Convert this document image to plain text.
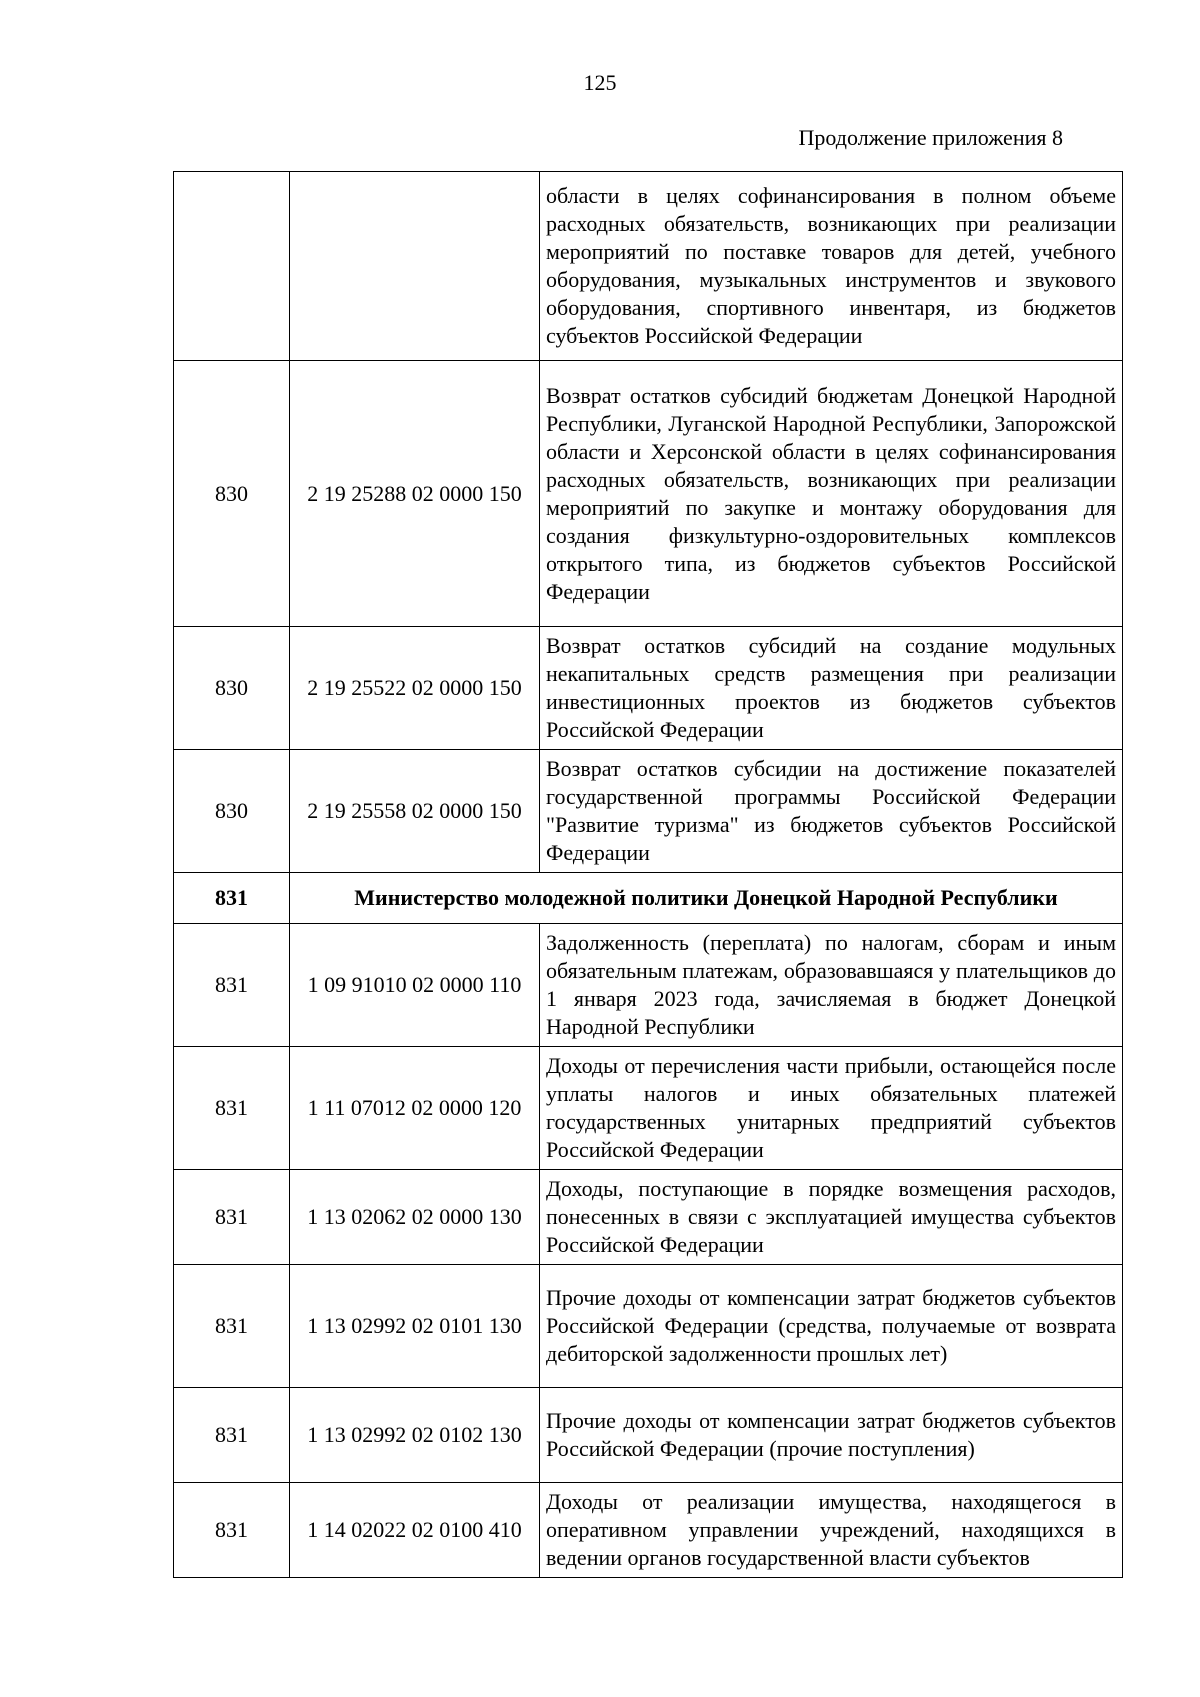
125
Продолжение приложения 8
		области в целях софинансирования в полном объеме расходных обязательств, возникающих при реализации мероприятий по поставке товаров для детей, учебного оборудования, музыкальных инструментов и звукового оборудования, спортивного инвентаря, из бюджетов субъектов Российской Федерации
830	2 19 25288 02 0000 150	Возврат остатков субсидий бюджетам Донецкой Народной Республики, Луганской Народной Республики, Запорожской области и Херсонской области в целях софинансирования расходных обязательств, возникающих при реализации мероприятий по закупке и монтажу оборудования для создания физкультурно-оздоровительных комплексов открытого типа, из бюджетов субъектов Российской Федерации
830	2 19 25522 02 0000 150	Возврат остатков субсидий на создание модульных некапитальных средств размещения при реализации инвестиционных проектов из бюджетов субъектов Российской Федерации
830	2 19 25558 02 0000 150	Возврат остатков субсидии на достижение показателей государственной программы Российской Федерации "Развитие туризма" из бюджетов субъектов Российской Федерации
831	Министерство молодежной политики Донецкой Народной Республики	
831	1 09 91010 02 0000 110	Задолженность (переплата) по налогам, сборам и иным обязательным платежам, образовавшаяся у плательщиков до 1 января 2023 года, зачисляемая в бюджет Донецкой Народной Республики
831	1 11 07012 02 0000 120	Доходы от перечисления части прибыли, остающейся после уплаты налогов и иных обязательных платежей государственных унитарных предприятий субъектов Российской Федерации
831	1 13 02062 02 0000 130	Доходы, поступающие в порядке возмещения расходов, понесенных в связи с эксплуатацией имущества субъектов Российской Федерации
831	1 13 02992 02 0101 130	Прочие доходы от компенсации затрат бюджетов субъектов Российской Федерации (средства, получаемые от возврата дебиторской задолженности прошлых лет)
831	1 13 02992 02 0102 130	Прочие доходы от компенсации затрат бюджетов субъектов Российской Федерации (прочие поступления)
831	1 14 02022 02 0100 410	Доходы от реализации имущества, находящегося в оперативном управлении учреждений, находящихся в ведении органов государственной власти субъектов
